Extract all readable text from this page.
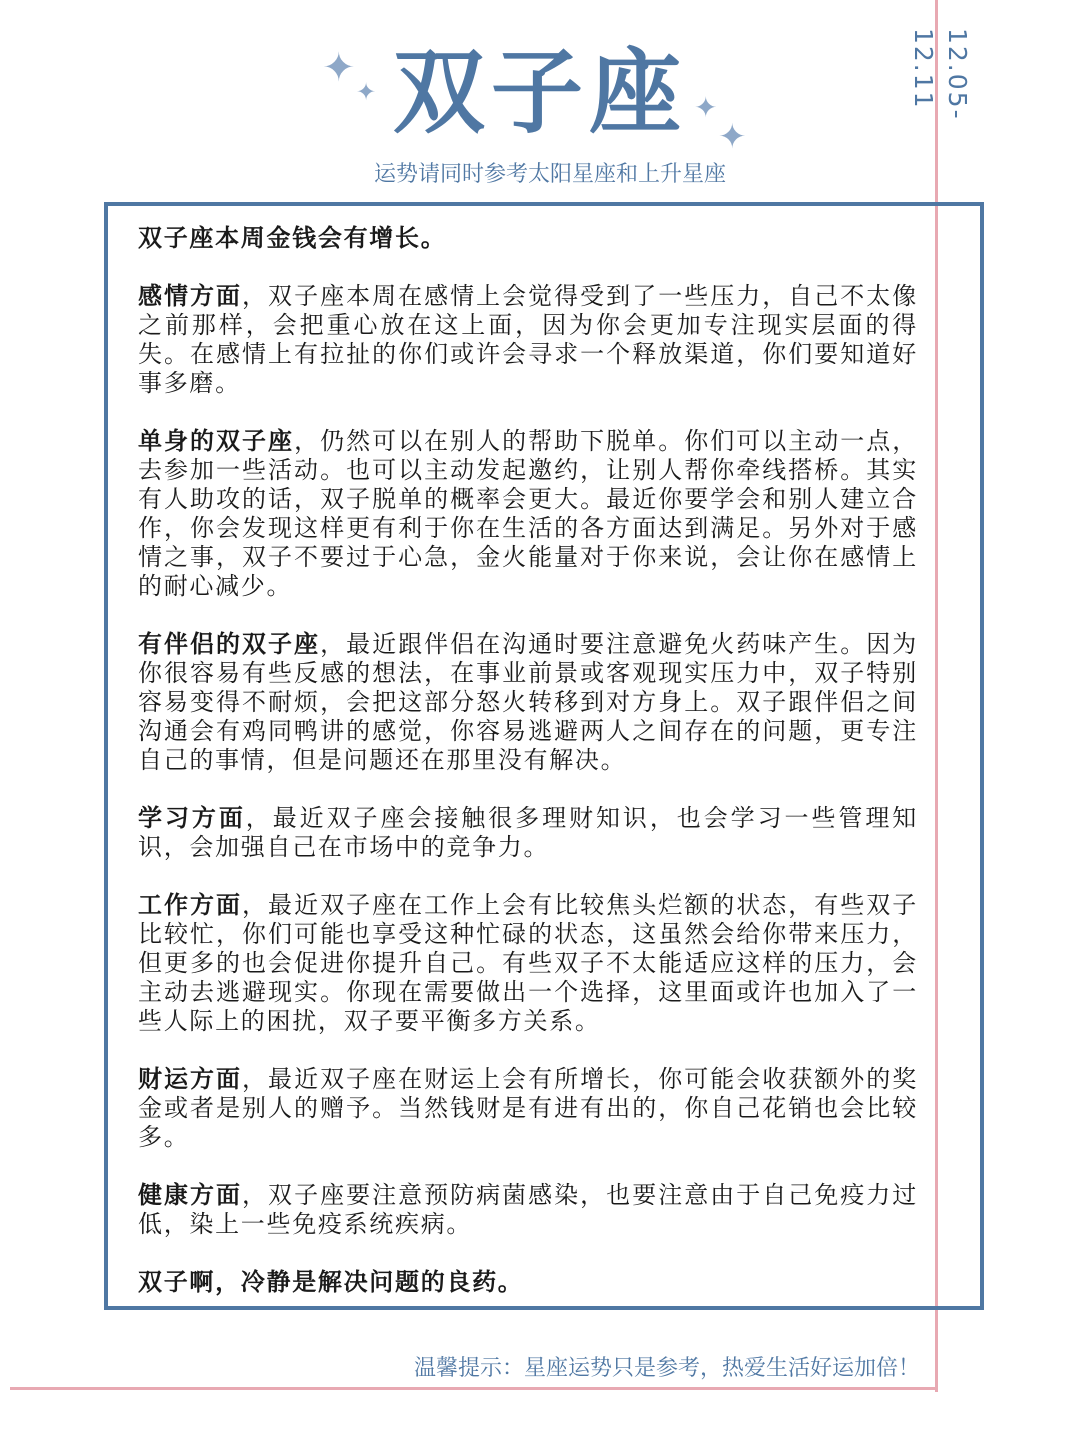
12.05-12.11
✦
✦ 双子座 ✦
✦
运势请同时参考太阳星座和上升星座

双子座本周金钱会有增长。

感情方面，双子座本周在感情上会觉得受到了一些压力，自己不太像之前那样，会把重心放在这上面，因为你会更加专注现实层面的得失。在感情上有拉扯的你们或许会寻求一个释放渠道，你们要知道好事多磨。

单身的双子座，仍然可以在别人的帮助下脱单。你们可以主动一点，去参加一些活动。也可以主动发起邀约，让别人帮你牵线搭桥。其实有人助攻的话，双子脱单的概率会更大。最近你要学会和别人建立合作，你会发现这样更有利于你在生活的各方面达到满足。另外对于感情之事，双子不要过于心急，金火能量对于你来说，会让你在感情上的耐心减少。

有伴侣的双子座，最近跟伴侣在沟通时要注意避免火药味产生。因为你很容易有些反感的想法，在事业前景或客观现实压力中，双子特别容易变得不耐烦，会把这部分怒火转移到对方身上。双子跟伴侣之间沟通会有鸡同鸭讲的感觉，你容易逃避两人之间存在的问题，更专注自己的事情，但是问题还在那里没有解决。

学习方面，最近双子座会接触很多理财知识，也会学习一些管理知识，会加强自己在市场中的竞争力。

工作方面，最近双子座在工作上会有比较焦头烂额的状态，有些双子比较忙，你们可能也享受这种忙碌的状态，这虽然会给你带来压力，但更多的也会促进你提升自己。有些双子不太能适应这样的压力，会主动去逃避现实。你现在需要做出一个选择，这里面或许也加入了一些人际上的困扰，双子要平衡多方关系。

财运方面，最近双子座在财运上会有所增长，你可能会收获额外的奖金或者是别人的赠予。当然钱财是有进有出的，你自己花销也会比较多。

健康方面，双子座要注意预防病菌感染，也要注意由于自己免疫力过低，染上一些免疫系统疾病。

双子啊，冷静是解决问题的良药。

温馨提示：星座运势只是参考，热爱生活好运加倍！
